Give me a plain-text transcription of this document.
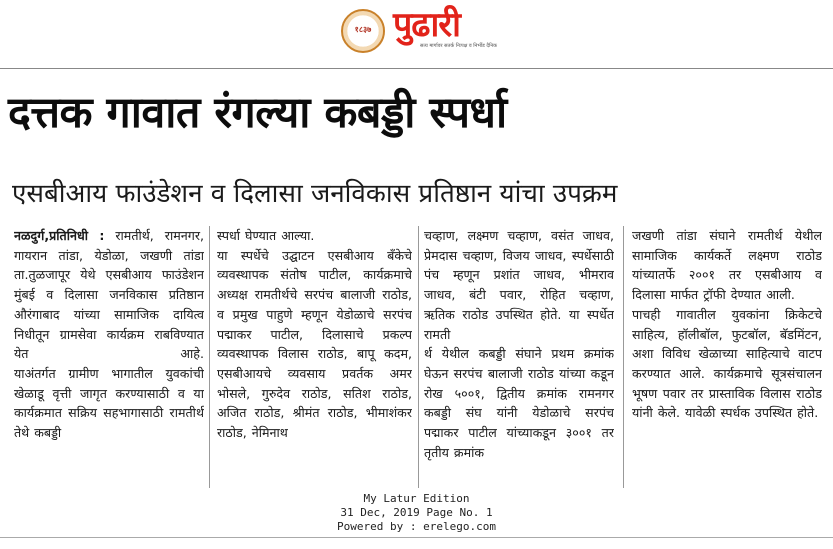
१८३७ पुढारी
सत्य मार्गावर सतर्क निःपक्ष व निर्भीड दैनिक
दत्तक गावात रंगल्या कबड्डी स्पर्धा
एसबीआय फाउंडेशन व दिलासा जनविकास प्रतिष्ठान यांचा उपक्रम

नळदुर्ग,प्रतिनिधी : रामतीर्थ, रामनगर, गायरान तांडा, येडोळा, जखणी तांडा ता.तुळजापूर येथे एसबीआय फाउंडेशन मुंबई व दिलासा जनविकास प्रतिष्ठान औरंगाबाद यांच्या सामाजिक दायित्व निधीतून ग्रामसेवा कार्यक्रम राबविण्यात येत आहे.

याअंतर्गत ग्रामीण भागातील युवकांची खेळाडू वृत्ती जागृत करण्यासाठी व या कार्यक्रमात सक्रिय सहभागासाठी रामतीर्थ तेथे कबड्डी

स्पर्धा घेण्यात आल्या.

या स्पर्धेचे उद्घाटन एसबीआय बँकेचे व्यवस्थापक संतोष पाटील, कार्यक्रमाचे अध्यक्ष रामतीर्थचे सरपंच बालाजी राठोड, व प्रमुख पाहुणे म्हणून येडोळाचे सरपंच पद्माकर पाटील, दिलासाचे प्रकल्प व्यवस्थापक विलास राठोड, बापू कदम, एसबीआयचे व्यवसाय प्रवर्तक अमर भोसले, गुरुदेव राठोड, सतिश राठोड, अजित राठोड, श्रीमंत राठोड, भीमाशंकर राठोड, नेमिनाथ

चव्हाण, लक्ष्मण चव्हाण, वसंत जाधव, प्रेमदास चव्हाण, विजय जाधव, स्पर्धेसाठी पंच म्हणून प्रशांत जाधव, भीमराव जाधव, बंटी पवार, रोहित चव्हाण, ऋतिक राठोड उपस्थित होते. या स्पर्धेत रामती

र्थ येथील कबड्डी संघाने प्रथम क्रमांक घेऊन सरपंच बालाजी राठोड यांच्या कडून रोख ५००१, द्वितीय क्रमांक रामनगर कबड्डी संघ यांनी येडोळाचे सरपंच पद्माकर पाटील यांच्याकडून ३००१ तर तृतीय क्रमांक

जखणी तांडा संघाने रामतीर्थ येथील सामाजिक कार्यकर्ते लक्ष्मण राठोड यांच्यातर्फे २००१ तर एसबीआय व दिलासा मार्फत ट्रॉफी देण्यात आली.

पाचही गावातील युवकांना क्रिकेटचे साहित्य, हॉलीबॉल, फुटबॉल, बॅडमिंटन, अशा विविध खेळाच्या साहित्याचे वाटप करण्यात आले. कार्यक्रमाचे सूत्रसंचालन भूषण पवार तर प्रास्ताविक विलास राठोड यांनी केले. यावेळी स्पर्धक उपस्थित होते.

My Latur Edition
31 Dec, 2019 Page No. 1
Powered by : erelego.com
